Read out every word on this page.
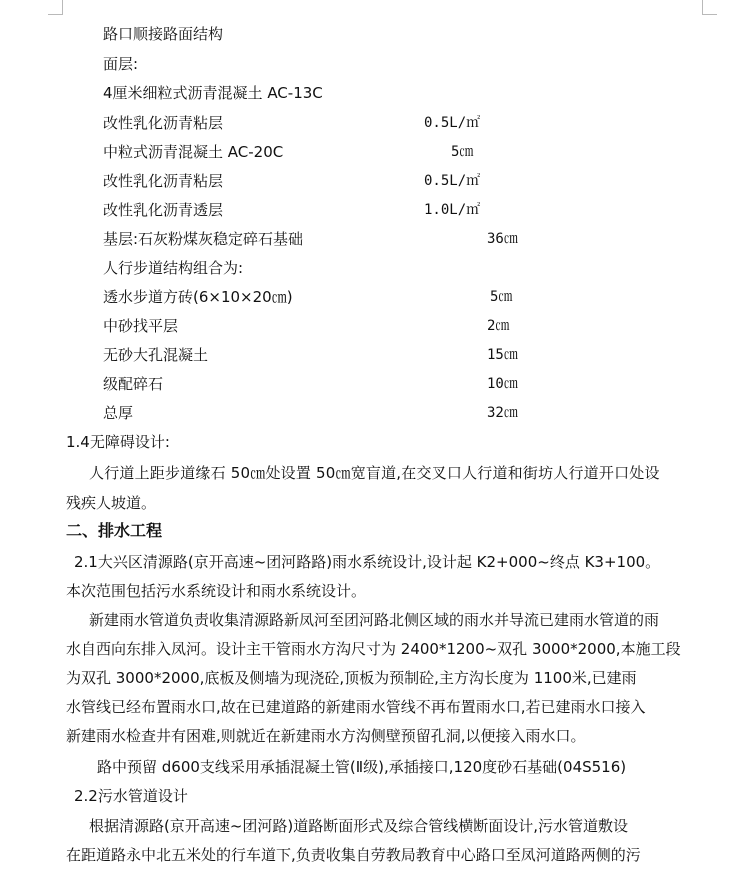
路口顺接路面结构
面层:
4厘米细粒式沥青混凝土 AC-13C
改性乳化沥青粘层	0.5L/㎡
中粒式沥青混凝土 AC-20C	5㎝
改性乳化沥青粘层	0.5L/㎡
改性乳化沥青透层	1.0L/㎡
基层:石灰粉煤灰稳定碎石基础	36㎝
人行步道结构组合为:
透水步道方砖(6×10×20㎝)	5㎝
中砂找平层	2㎝
无砂大孔混凝土	15㎝
级配碎石	10㎝
总厚	32㎝
1.4无障碍设计:
人行道上距步道缘石 50㎝处设置 50㎝宽盲道,在交叉口人行道和街坊人行道开口处设
残疾人坡道。
二、排水工程
2.1大兴区清源路(京开高速~团河路路)雨水系统设计,设计起 K2+000~终点 K3+100。
本次范围包括污水系统设计和雨水系统设计。
新建雨水管道负责收集清源路新凤河至团河路北侧区域的雨水并导流已建雨水管道的雨
水自西向东排入凤河。设计主干管雨水方沟尺寸为 2400*1200~双孔 3000*2000,本施工段
为双孔 3000*2000,底板及侧墙为现浇砼,顶板为预制砼,主方沟长度为 1100米,已建雨
水管线已经布置雨水口,故在已建道路的新建雨水管线不再布置雨水口,若已建雨水口接入
新建雨水检查井有困难,则就近在新建雨水方沟侧壁预留孔洞,以便接入雨水口。
路中预留 d600支线采用承插混凝土管(Ⅱ级),承插接口,120度砂石基础(04S516)
2.2污水管道设计
根据清源路(京开高速~团河路)道路断面形式及综合管线横断面设计,污水管道敷设
在距道路永中北五米处的行车道下,负责收集自劳教局教育中心路口至凤河道路两侧的污
